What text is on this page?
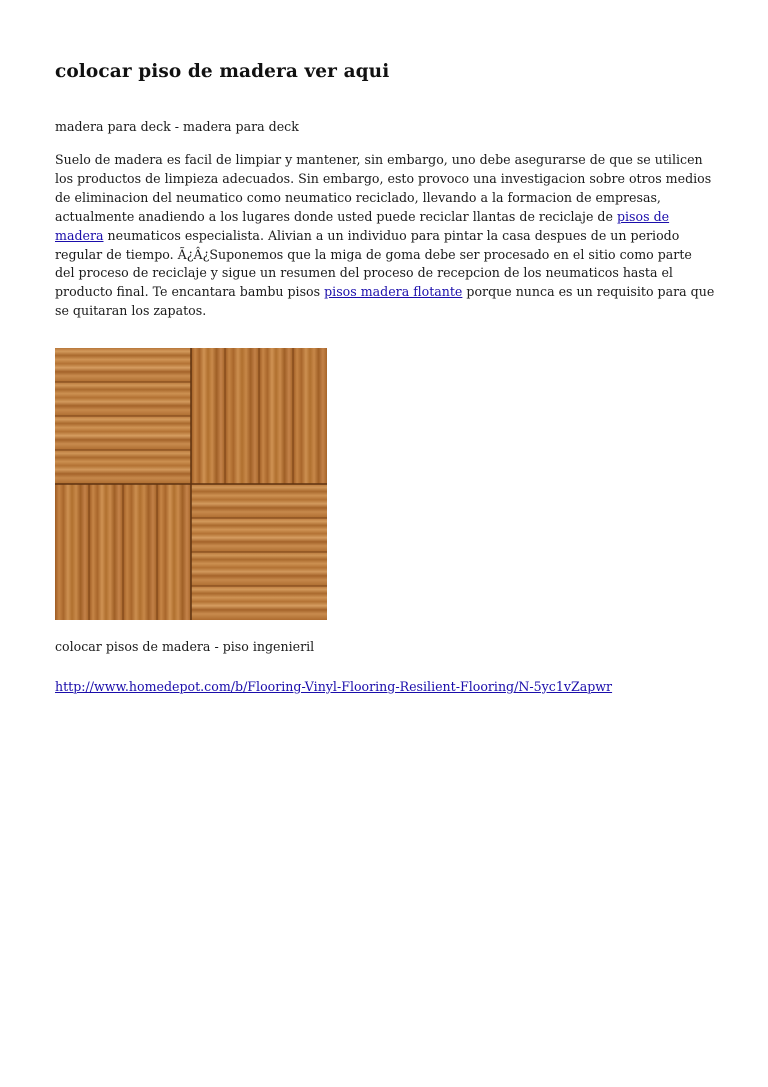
colocar piso de madera ver aqui
madera para deck - madera para deck
Suelo de madera es facil de limpiar y mantener, sin embargo, uno debe asegurarse de que se utilicen los productos de limpieza adecuados. Sin embargo, esto provoco una investigacion sobre otros medios de eliminacion del neumatico como neumatico reciclado, llevando a la formacion de empresas, actualmente anadiendo a los lugares donde usted puede reciclar llantas de reciclaje de pisos de madera neumaticos especialista. Alivian a un individuo para pintar la casa despues de un periodo regular de tiempo. Ã¿Â¿Suponemos que la miga de goma debe ser procesado en el sitio como parte del proceso de reciclaje y sigue un resumen del proceso de recepcion de los neumaticos hasta el producto final. Te encantara bambu pisos pisos madera flotante porque nunca es un requisito para que se quitaran los zapatos.
colocar pisos de madera - piso ingenieril
http://www.homedepot.com/b/Flooring-Vinyl-Flooring-Resilient-Flooring/N-5yc1vZapwr
